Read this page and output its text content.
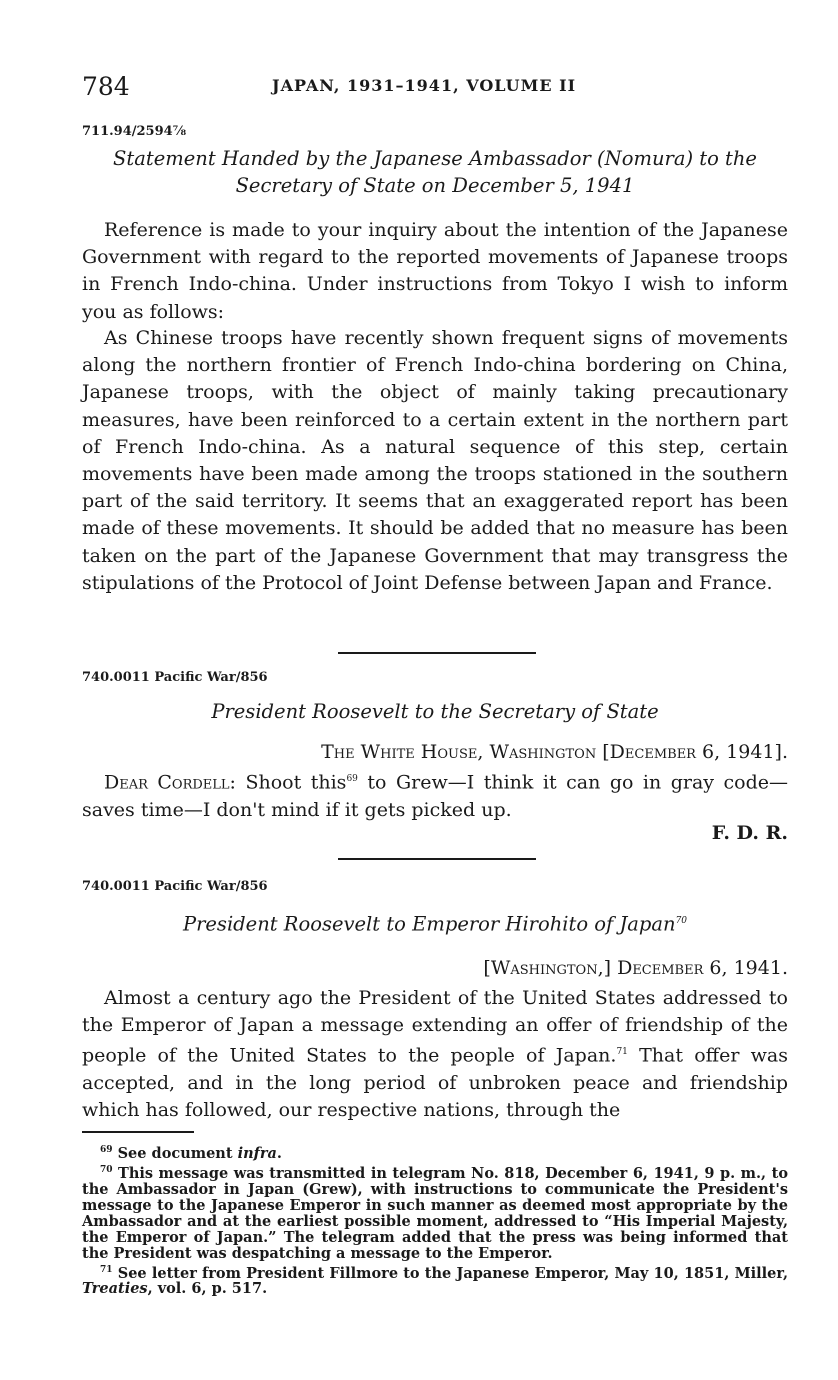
784	JAPAN, 1931–1941, VOLUME II
711.94/2594⅞
Statement Handed by the Japanese Ambassador (Nomura) to the
Secretary of State on December 5, 1941

Reference is made to your inquiry about the intention of the Japanese Government with regard to the reported movements of Japanese troops in French Indo-china. Under instructions from Tokyo I wish to inform you as follows:

As Chinese troops have recently shown frequent signs of movements along the northern frontier of French Indo-china bordering on China, Japanese troops, with the object of mainly taking precautionary measures, have been reinforced to a certain extent in the northern part of French Indo-china. As a natural sequence of this step, certain movements have been made among the troops stationed in the southern part of the said territory. It seems that an exaggerated report has been made of these movements. It should be added that no measure has been taken on the part of the Japanese Government that may transgress the stipulations of the Protocol of Joint Defense between Japan and France.

740.0011 Pacific War/856
President Roosevelt to the Secretary of State
The White House, Washington [December 6, 1941].

Dear Cordell: Shoot this$^{69}$ to Grew—I think it can go in gray code—saves time—I don't mind if it gets picked up.

F. D. R.
740.0011 Pacific War/856
President Roosevelt to Emperor Hirohito of Japan$^{70}$
[Washington,] December 6, 1941.

Almost a century ago the President of the United States addressed to the Emperor of Japan a message extending an offer of friendship of the people of the United States to the people of Japan.$^{71}$ That offer was accepted, and in the long period of unbroken peace and friendship which has followed, our respective nations, through the

$^{69}$ See document infra.

$^{70}$ This message was transmitted in telegram No. 818, December 6, 1941, 9 p. m., to the Ambassador in Japan (Grew), with instructions to communicate the President's message to the Japanese Emperor in such manner as deemed most appropriate by the Ambassador and at the earliest possible moment, addressed to “His Imperial Majesty, the Emperor of Japan.” The telegram added that the press was being informed that the President was despatching a message to the Emperor.

$^{71}$ See letter from President Fillmore to the Japanese Emperor, May 10, 1851, Miller, Treaties, vol. 6, p. 517.
